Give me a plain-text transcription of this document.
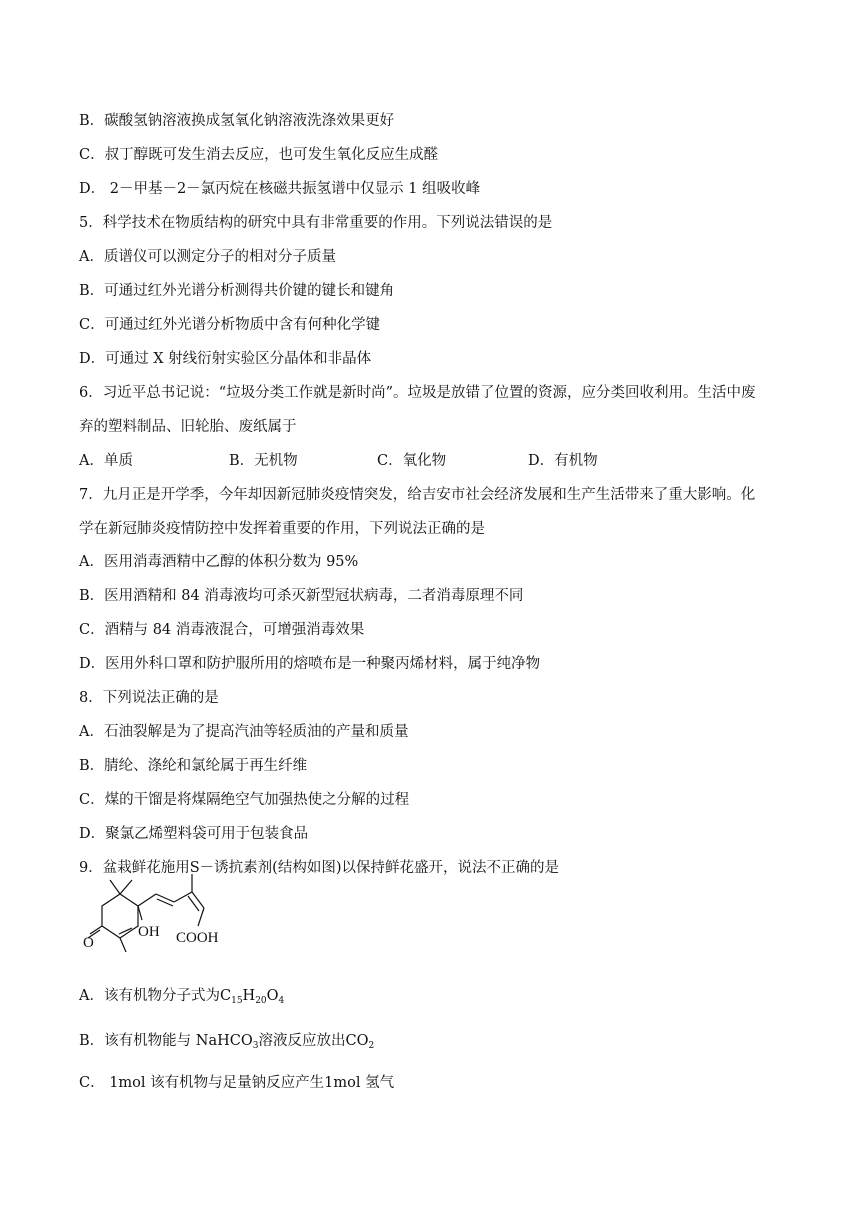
B．碳酸氢钠溶液换成氢氧化钠溶液洗涤效果更好
C．叔丁醇既可发生消去反应，也可发生氧化反应生成醛
D． 2－甲基－2－氯丙烷在核磁共振氢谱中仅显示 1 组吸收峰
5．科学技术在物质结构的研究中具有非常重要的作用。下列说法错误的是
A．质谱仪可以测定分子的相对分子质量
B．可通过红外光谱分析测得共价键的键长和键角
C．可通过红外光谱分析物质中含有何种化学键
D．可通过 X 射线衍射实验区分晶体和非晶体
6．习近平总书记说：“垃圾分类工作就是新时尚”。垃圾是放错了位置的资源，应分类回收利用。生活中废
弃的塑料制品、旧轮胎、废纸属于
A．单质	B．无机物	C．氧化物	D．有机物
7．九月正是开学季，今年却因新冠肺炎疫情突发，给吉安市社会经济发展和生产生活带来了重大影响。化
学在新冠肺炎疫情防控中发挥着重要的作用，下列说法正确的是
A．医用消毒酒精中乙醇的体积分数为 95%
B．医用酒精和 84 消毒液均可杀灭新型冠状病毒，二者消毒原理不同
C．酒精与 84 消毒液混合，可增强消毒效果
D．医用外科口罩和防护服所用的熔喷布是一种聚丙烯材料，属于纯净物
8．下列说法正确的是
A．石油裂解是为了提高汽油等轻质油的产量和质量
B．腈纶、涤纶和氯纶属于再生纤维
C．煤的干馏是将煤隔绝空气加强热使之分解的过程
D．聚氯乙烯塑料袋可用于包装食品
9．盆栽鲜花施用S－诱抗素剂(结构如图)以保持鲜花盛开，说法不正确的是
O
OH COOH
A．该有机物分子式为$C_{15}H_{20}O_4$
B．该有机物能与 NaHCO$_3$溶液反应放出$CO_2$
C． 1mol 该有机物与足量钠反应产生1mol 氢气
